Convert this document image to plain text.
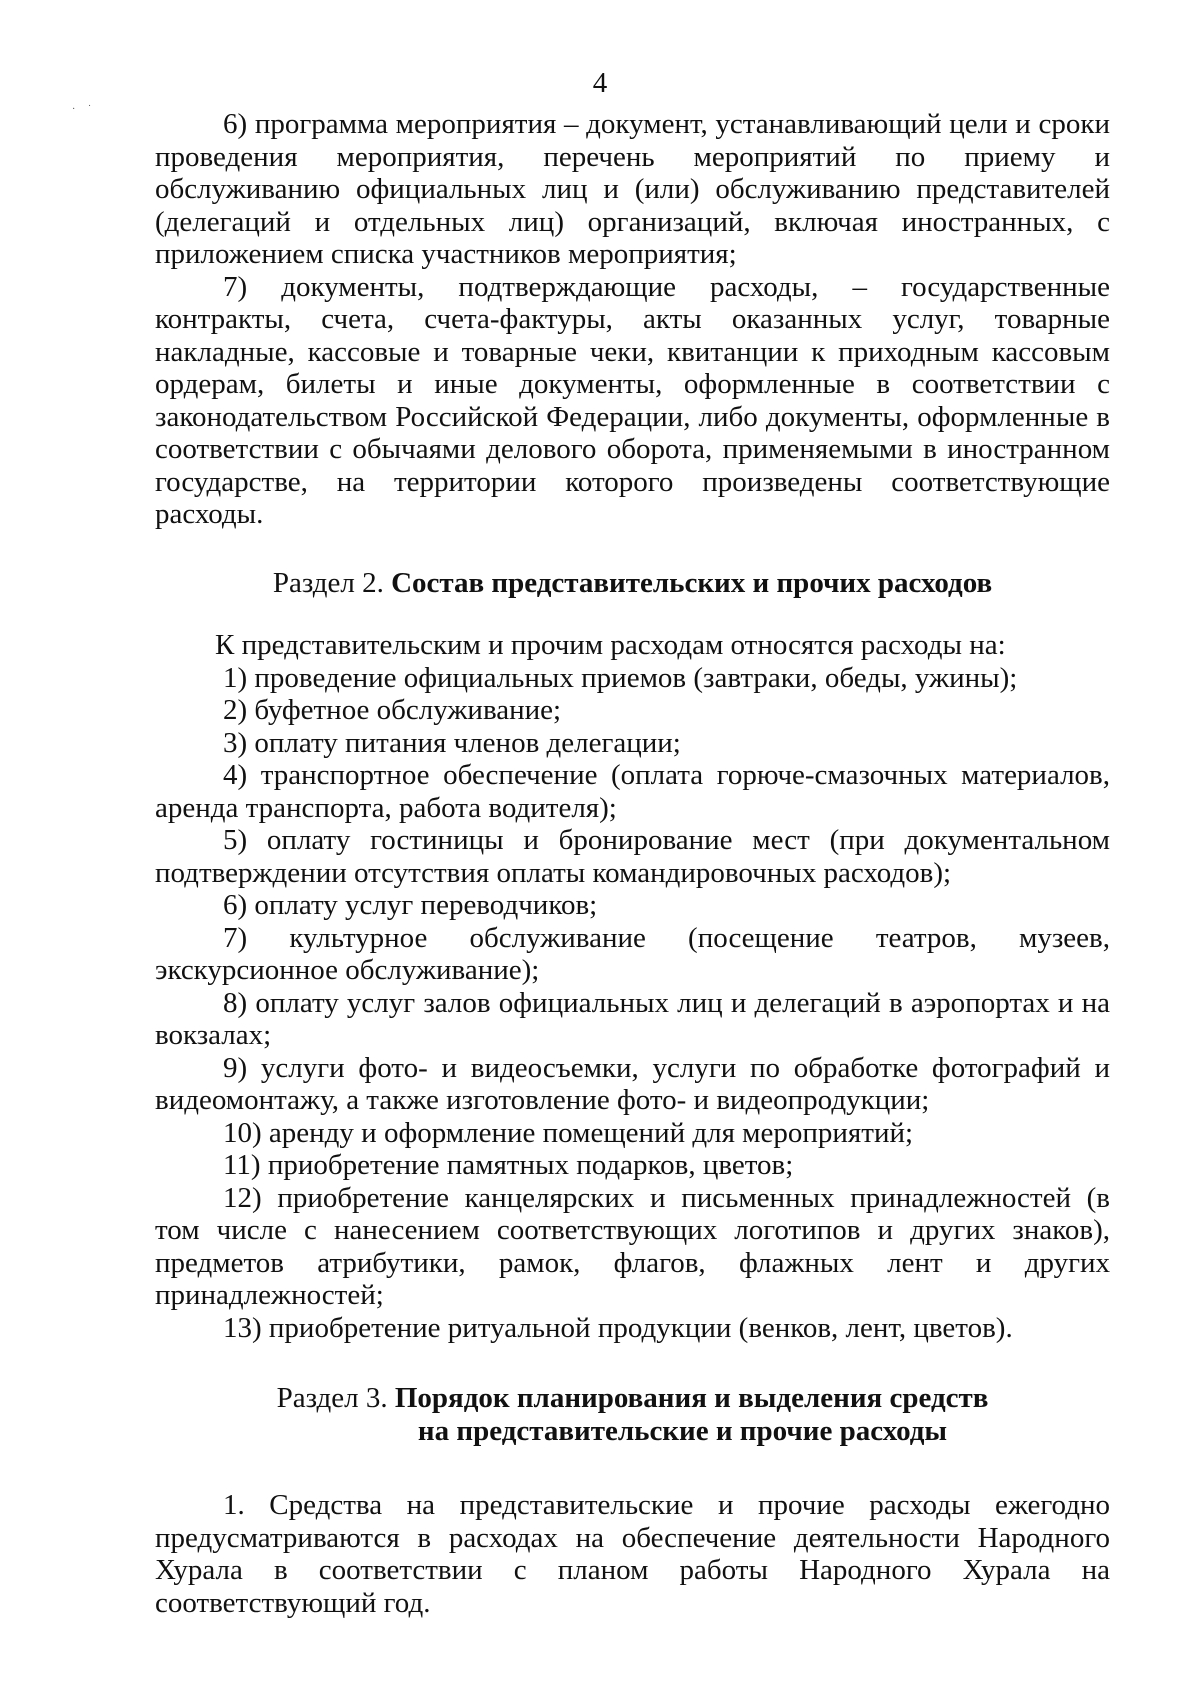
4
·     ˙	6) программа мероприятия – документ, устанавливающий цели и сроки проведения мероприятия, перечень мероприятий по приему и обслуживанию официальных лиц и (или) обслуживанию представителей (делегаций и отдельных лиц) организаций, включая иностранных, с приложением списка участников мероприятия;

7) документы, подтверждающие расходы, – государственные контракты, счета, счета-фактуры, акты оказанных услуг, товарные накладные, кассовые и товарные чеки, квитанции к приходным кассовым ордерам, билеты и иные документы, оформленные в соответствии с законодательством Российской Федерации, либо документы, оформленные в соответствии с обычаями делового оборота, применяемыми в иностранном государстве, на территории которого произведены соответствующие расходы.

Раздел 2. Состав представительских и прочих расходов

К представительским и прочим расходам относятся расходы на:

1) проведение официальных приемов (завтраки, обеды, ужины);

2) буфетное обслуживание;

3) оплату питания членов делегации;

4) транспортное обеспечение (оплата горюче-смазочных материалов, аренда транспорта, работа водителя);

5) оплату гостиницы и бронирование мест (при документальном подтверждении отсутствия оплаты командировочных расходов);

6) оплату услуг переводчиков;

7) культурное обслуживание (посещение театров, музеев, экскурсионное обслуживание);

8) оплату услуг залов официальных лиц и делегаций в аэропортах и на вокзалах;

9) услуги фото- и видеосъемки, услуги по обработке фотографий и видеомонтажу, а также изготовление фото- и видеопродукции;

10) аренду и оформление помещений для мероприятий;

11) приобретение памятных подарков, цветов;

12) приобретение канцелярских и письменных принадлежностей (в том числе с нанесением соответствующих логотипов и других знаков), предметов атрибутики, рамок, флагов, флажных лент и других принадлежностей;

13) приобретение ритуальной продукции (венков, лент, цветов).

Раздел 3. Порядок планирования и выделения средств
на представительские и прочие расходы

1. Средства на представительские и прочие расходы ежегодно предусматриваются в расходах на обеспечение деятельности Народного Хурала в соответствии с планом работы Народного Хурала на соответствующий год.
